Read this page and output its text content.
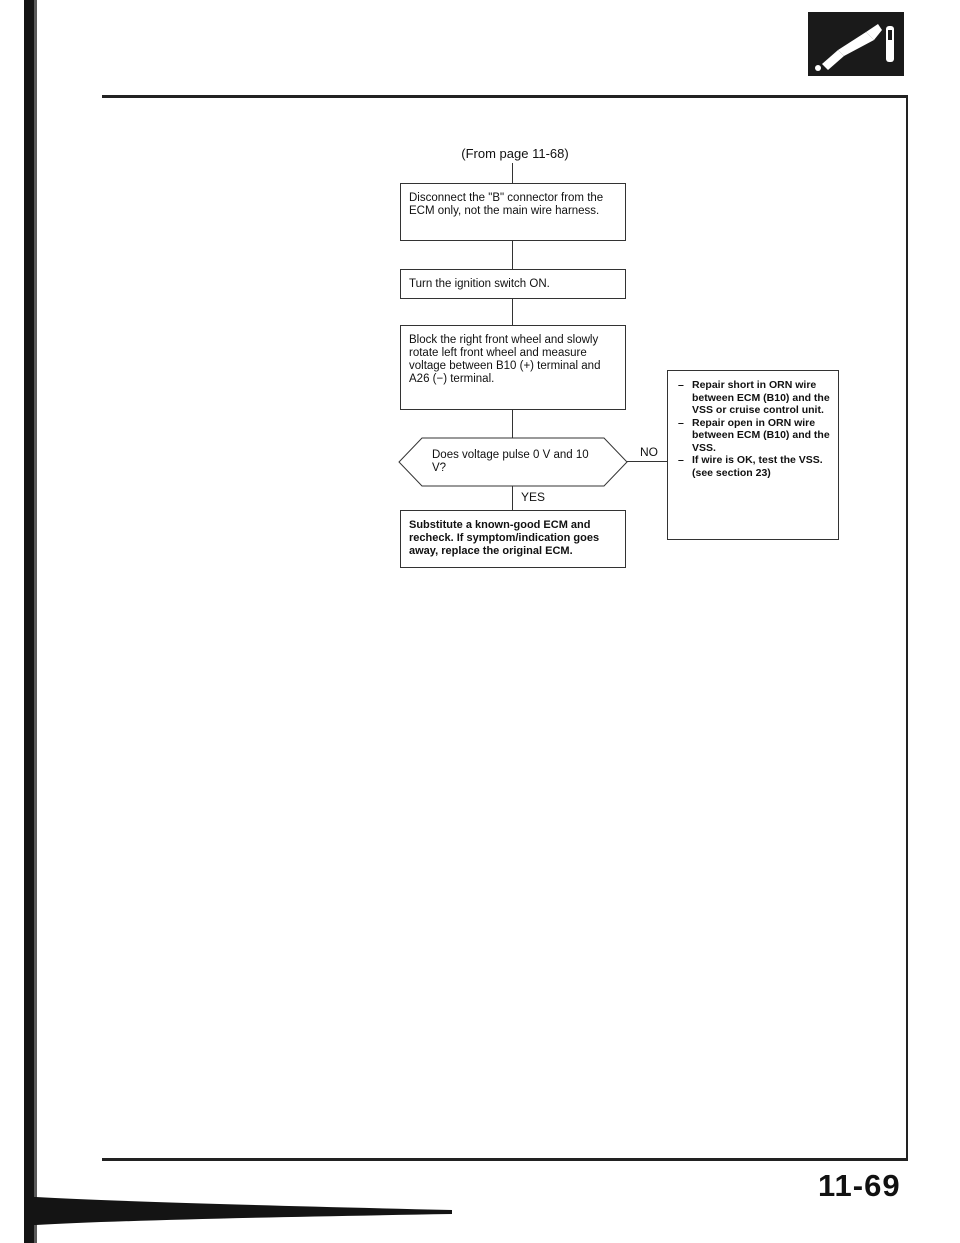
(From page 11-68)
Disconnect the "B" connector from the ECM only, not the main wire harness.
Turn the ignition switch ON.
Block the right front wheel and slowly rotate left front wheel and measure voltage between B10 (+) terminal and A26 (−) terminal.
Does voltage pulse 0 V and 10 V?
NO
YES
Substitute a known-good ECM and recheck. If symptom/indication goes away, replace the original ECM.
– Repair short in ORN wire between ECM (B10) and the VSS or cruise control unit.
– Repair open in ORN wire between ECM (B10) and the VSS.
– If wire is OK, test the VSS. (see section 23)
11-69
